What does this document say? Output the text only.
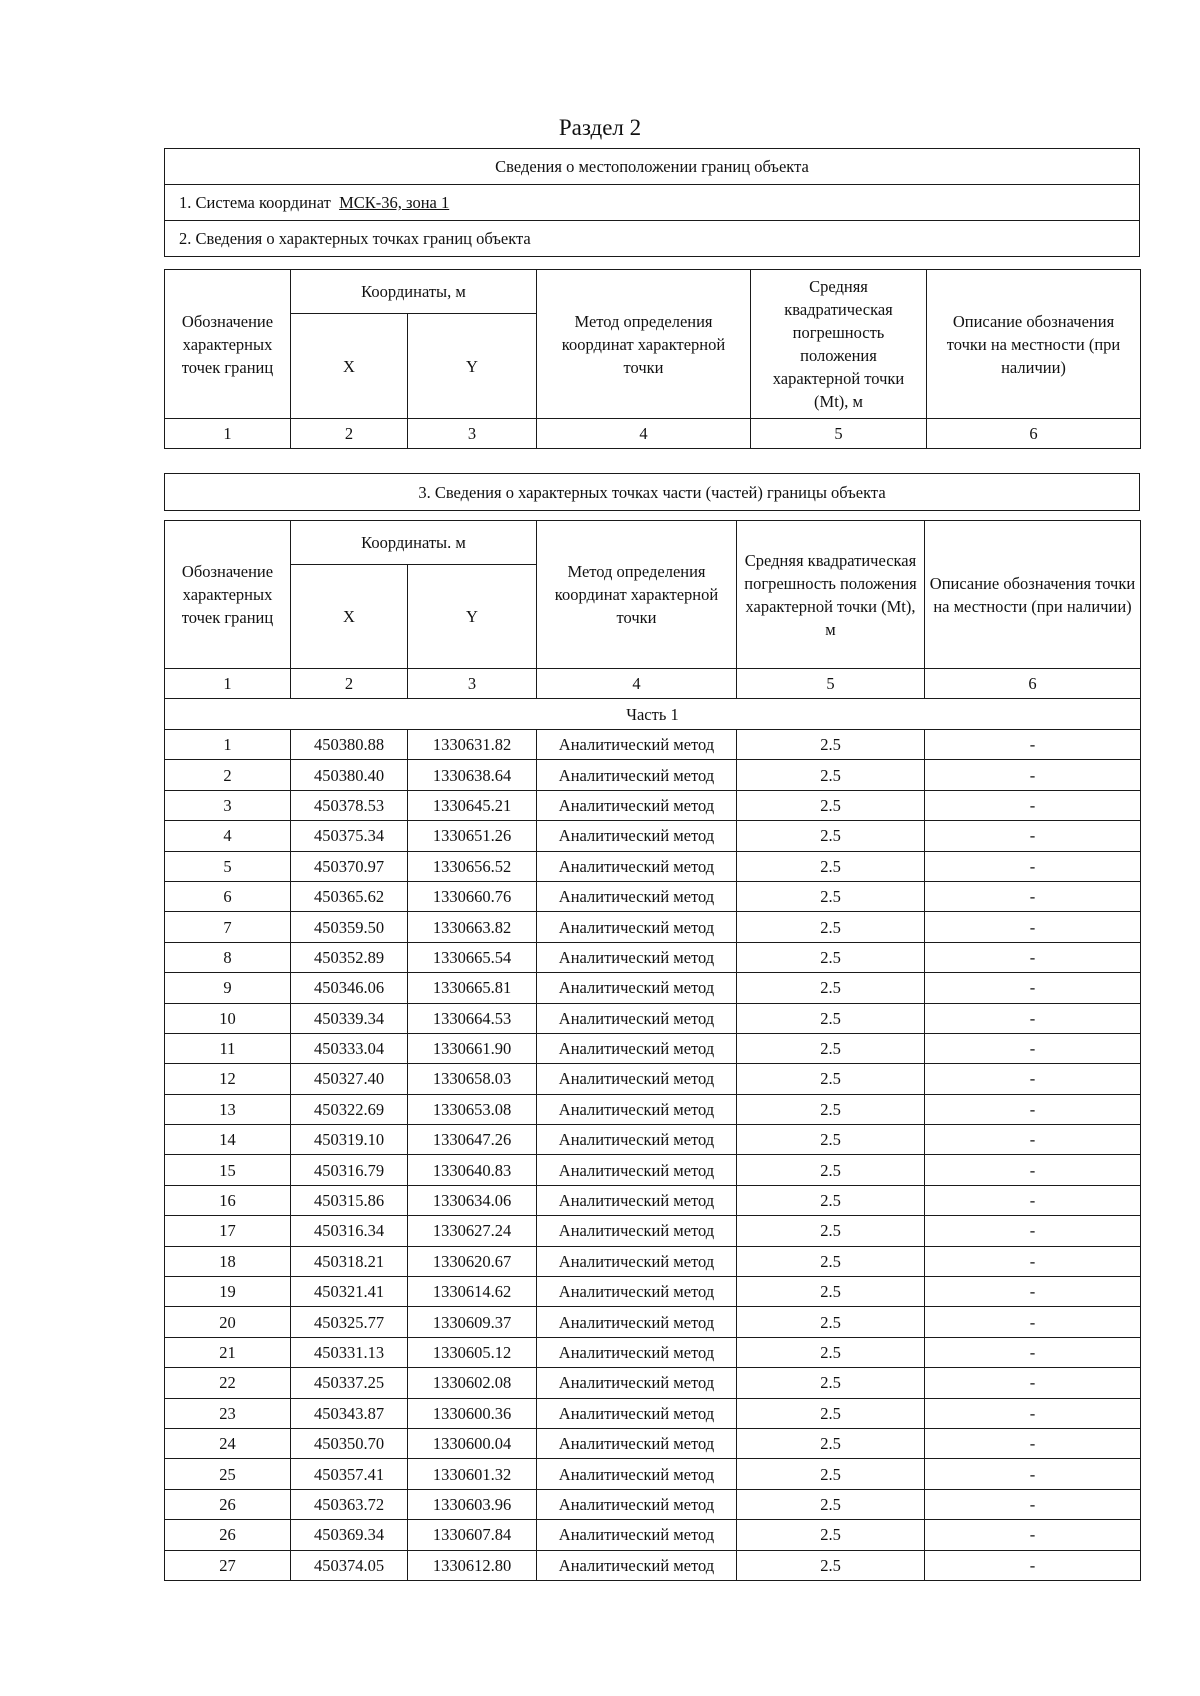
Раздел 2
Сведения о местоположении границ объекта
1. Система координат МСК-36, зона 1
2. Сведения о характерных точках границ объекта
Обозначение характерных точек границ	Координаты, м		Метод определения координат характерной точки	Средняя квадратическая погрешность положения характерной точки (Mt), м	Описание обозначения точки на местности (при наличии)
	X	Y			
1	2	3	4	5	6
3. Сведения о характерных точках части (частей) границы объекта
Обозначение характерных точек границ	Координаты. м		Метод определения координат характерной точки	Средняя квадратическая погрешность положения характерной точки (Mt), м	Описание обозначения точки на местности (при наличии)
	X	Y			
1	2	3	4	5	6
Часть 1					
1	450380.88	1330631.82	Аналитический метод	2.5	-
2	450380.40	1330638.64	Аналитический метод	2.5	-
3	450378.53	1330645.21	Аналитический метод	2.5	-
4	450375.34	1330651.26	Аналитический метод	2.5	-
5	450370.97	1330656.52	Аналитический метод	2.5	-
6	450365.62	1330660.76	Аналитический метод	2.5	-
7	450359.50	1330663.82	Аналитический метод	2.5	-
8	450352.89	1330665.54	Аналитический метод	2.5	-
9	450346.06	1330665.81	Аналитический метод	2.5	-
10	450339.34	1330664.53	Аналитический метод	2.5	-
11	450333.04	1330661.90	Аналитический метод	2.5	-
12	450327.40	1330658.03	Аналитический метод	2.5	-
13	450322.69	1330653.08	Аналитический метод	2.5	-
14	450319.10	1330647.26	Аналитический метод	2.5	-
15	450316.79	1330640.83	Аналитический метод	2.5	-
16	450315.86	1330634.06	Аналитический метод	2.5	-
17	450316.34	1330627.24	Аналитический метод	2.5	-
18	450318.21	1330620.67	Аналитический метод	2.5	-
19	450321.41	1330614.62	Аналитический метод	2.5	-
20	450325.77	1330609.37	Аналитический метод	2.5	-
21	450331.13	1330605.12	Аналитический метод	2.5	-
22	450337.25	1330602.08	Аналитический метод	2.5	-
23	450343.87	1330600.36	Аналитический метод	2.5	-
24	450350.70	1330600.04	Аналитический метод	2.5	-
25	450357.41	1330601.32	Аналитический метод	2.5	-
26	450363.72	1330603.96	Аналитический метод	2.5	-
26	450369.34	1330607.84	Аналитический метод	2.5	-
27	450374.05	1330612.80	Аналитический метод	2.5	-
